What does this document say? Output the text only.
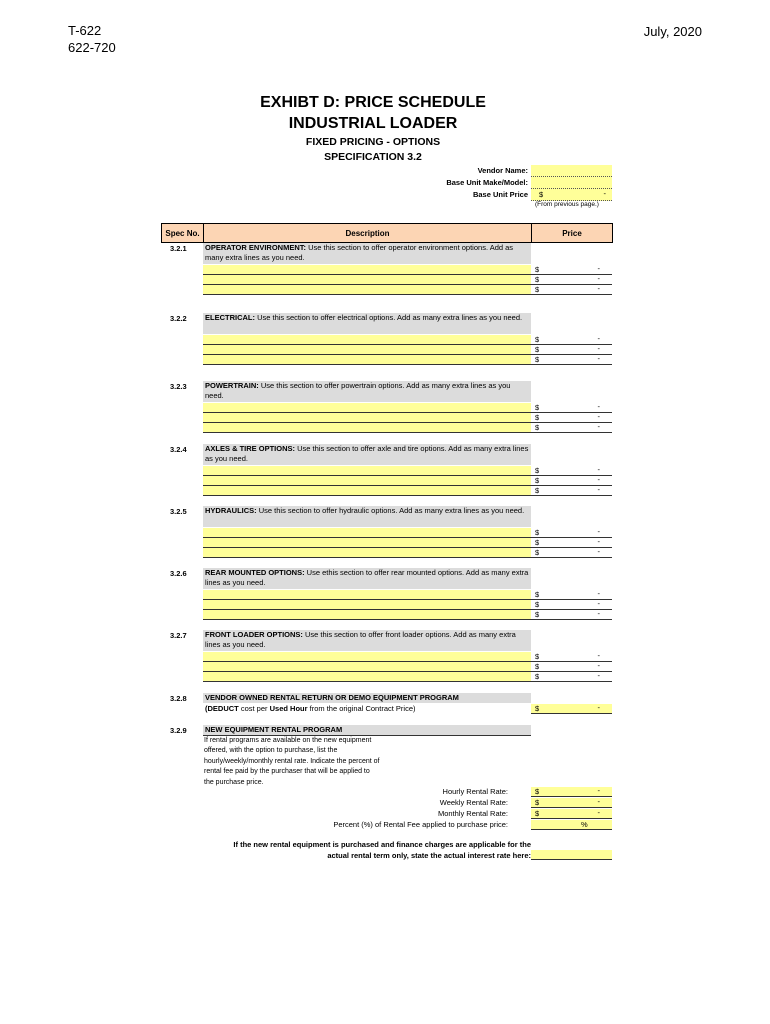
T-622
622-720
July, 2020
EXHIBT D: PRICE SCHEDULE
INDUSTRIAL LOADER
FIXED PRICING - OPTIONS
SPECIFICATION 3.2
Vendor Name:
Base Unit Make/Model:
Base Unit Price $	-
(From previous page.)
Spec No.	Description	Price
3.2.1 OPERATOR ENVIRONMENT: Use this section to offer operator environment options. Add as many extra lines as you need.
$	-
$	-
$	-
3.2.2 ELECTRICAL: Use this section to offer electrical options. Add as many extra lines as you need.
$	-
$	-
$	-
3.2.3 POWERTRAIN: Use this section to offer powertrain options. Add as many extra lines as you need.
$	-
$	-
$	-
3.2.4 AXLES & TIRE OPTIONS: Use this section to offer axle and tire options. Add as many extra lines as you need.
$	-
$	-
$	-
3.2.5 HYDRAULICS: Use this section to offer hydraulic options. Add as many extra lines as you need.
$	-
$	-
$	-
3.2.6 REAR MOUNTED OPTIONS: Use ethis section to offer rear mounted options. Add as many extra lines as you need.
$	-
$	-
$	-
3.2.7 FRONT LOADER OPTIONS: Use this section to offer front loader options. Add as many extra lines as you need.
$	-
$	-
$	-
3.2.8 VENDOR OWNED RENTAL RETURN OR DEMO EQUIPMENT PROGRAM
(DEDUCT cost per Used Hour from the original Contract Price)	$	-
3.2.9 NEW EQUIPMENT RENTAL PROGRAM
If rental programs are available on the new equipment
offered, with the option to purchase, list the
hourly/weekly/monthly rental rate. Indicate the percent of
rental fee paid by the purchaser that will be applied to
the purchase price.
Hourly Rental Rate:	$	-
Weekly Rental Rate:	$	-
Monthly Rental Rate:	$	-
Percent (%) of Rental Fee applied to purchase price:	%
If the new rental equipment is purchased and finance charges are applicable for the
actual rental term only, state the actual interest rate here:
